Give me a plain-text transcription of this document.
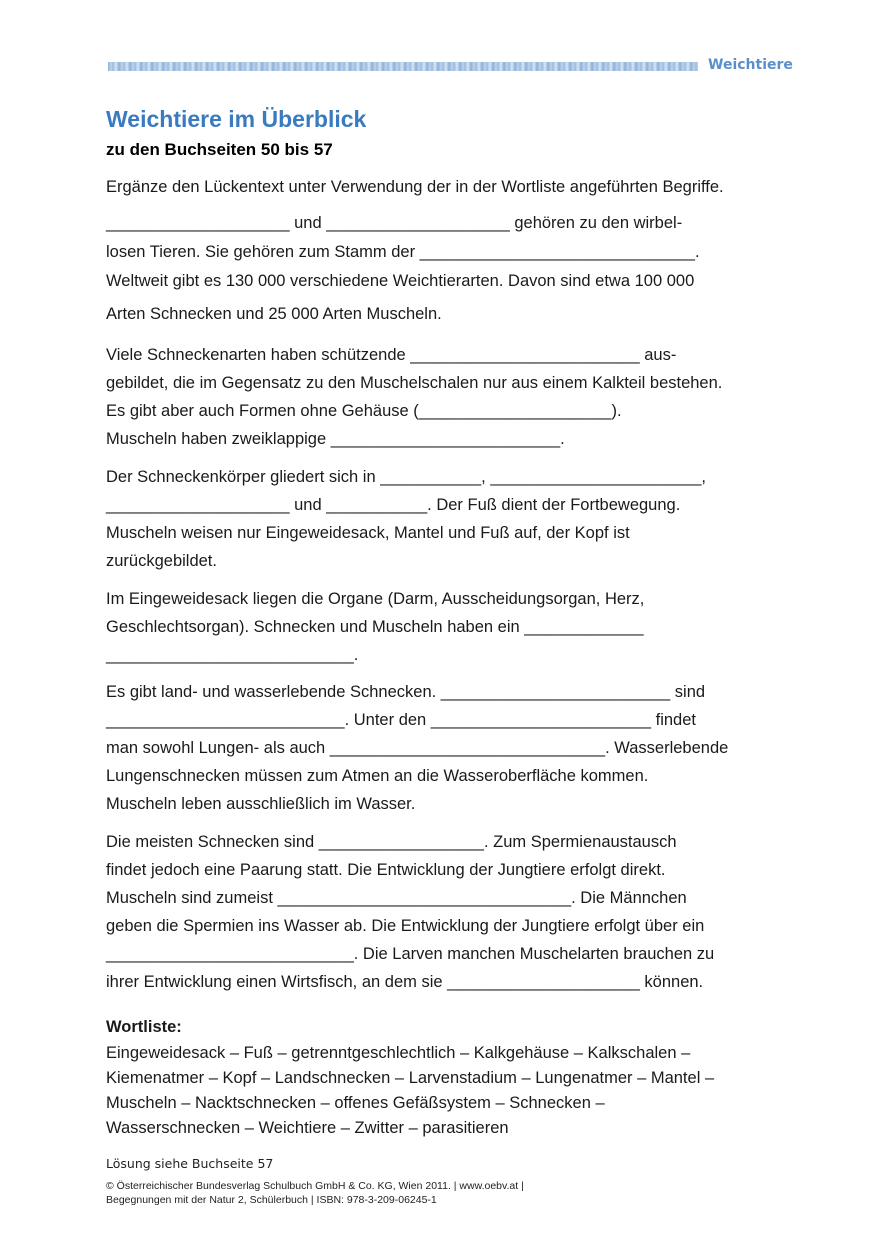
Weichtiere
Weichtiere im Überblick
zu den Buchseiten 50 bis 57
Ergänze den Lückentext unter Verwendung der in der Wortliste angeführten Begriffe.
____________________ und ____________________ gehören zu den wirbel-
losen Tieren. Sie gehören zum Stamm der ______________________________.
Weltweit gibt es 130 000 verschiedene Weichtierarten. Davon sind etwa 100 000
Arten Schnecken und 25 000 Arten Muscheln.
Viele Schneckenarten haben schützende _________________________ aus-
gebildet, die im Gegensatz zu den Muschelschalen nur aus einem Kalkteil bestehen.
Es gibt aber auch Formen ohne Gehäuse (_____________________).
Muscheln haben zweiklappige _________________________.
Der Schneckenkörper gliedert sich in ___________, _______________________,
____________________ und ___________. Der Fuß dient der Fortbewegung.
Muscheln weisen nur Eingeweidesack, Mantel und Fuß auf, der Kopf ist
zurückgebildet.
Im Eingeweidesack liegen die Organe (Darm, Ausscheidungsorgan, Herz,
Geschlechtsorgan). Schnecken und Muscheln haben ein _____________
___________________________.
Es gibt land- und wasserlebende Schnecken. _________________________ sind
__________________________. Unter den ________________________ findet
man sowohl Lungen- als auch ______________________________. Wasserlebende
Lungenschnecken müssen zum Atmen an die Wasseroberfläche kommen.
Muscheln leben ausschließlich im Wasser.
Die meisten Schnecken sind __________________. Zum Spermienaustausch
findet jedoch eine Paarung statt. Die Entwicklung der Jungtiere erfolgt direkt.
Muscheln sind zumeist ________________________________. Die Männchen
geben die Spermien ins Wasser ab. Die Entwicklung der Jungtiere erfolgt über ein
___________________________. Die Larven manchen Muschelarten brauchen zu
ihrer Entwicklung einen Wirtsfisch, an dem sie _____________________ können.
Wortliste:
Eingeweidesack – Fuß – getrenntgeschlechtlich – Kalkgehäuse – Kalkschalen –
Kiemenatmer – Kopf – Landschnecken – Larvenstadium – Lungenatmer – Mantel –
Muscheln – Nacktschnecken – offenes Gefäßsystem – Schnecken –
Wasserschnecken – Weichtiere – Zwitter – parasitieren
Lösung siehe Buchseite 57
© Österreichischer Bundesverlag Schulbuch GmbH & Co. KG, Wien 2011. | www.oebv.at |
Begegnungen mit der Natur 2, Schülerbuch | ISBN: 978-3-209-06245-1
